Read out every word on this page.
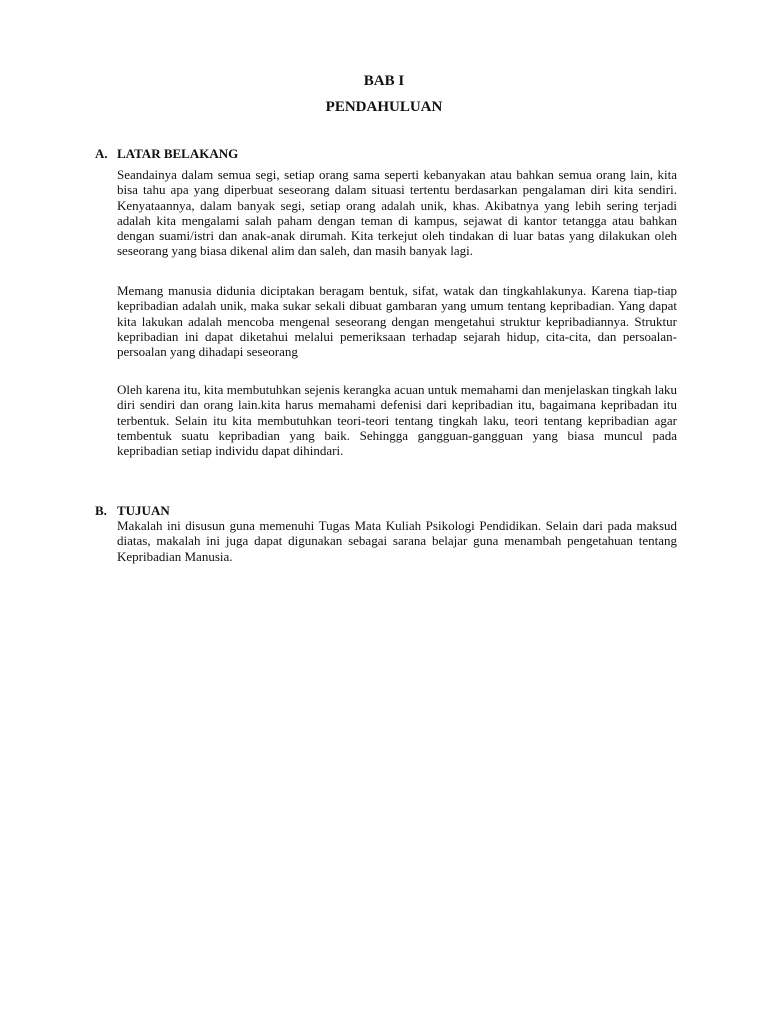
BAB I
PENDAHULUAN
A. LATAR BELAKANG

Seandainya dalam semua segi, setiap orang sama seperti kebanyakan atau bahkan semua orang lain, kita bisa tahu apa yang diperbuat seseorang dalam situasi tertentu berdasarkan pengalaman diri kita sendiri. Kenyataannya, dalam banyak segi, setiap orang adalah unik, khas. Akibatnya yang lebih sering terjadi adalah kita mengalami salah paham dengan teman di kampus, sejawat di kantor tetangga atau bahkan dengan suami/istri dan anak-anak dirumah. Kita terkejut oleh tindakan di luar batas yang dilakukan oleh seseorang yang biasa dikenal alim dan saleh, dan masih banyak lagi.

Memang manusia didunia diciptakan beragam bentuk, sifat, watak dan tingkahlakunya. Karena tiap-tiap kepribadian adalah unik, maka sukar sekali dibuat gambaran yang umum tentang kepribadian. Yang dapat kita lakukan adalah mencoba mengenal seseorang dengan mengetahui struktur kepribadiannya. Struktur kepribadian ini dapat diketahui melalui pemeriksaan terhadap sejarah hidup, cita-cita, dan persoalan-persoalan yang dihadapi seseorang

Oleh karena itu, kita membutuhkan sejenis kerangka acuan untuk memahami dan menjelaskan tingkah laku diri sendiri dan orang lain.kita harus memahami defenisi dari kepribadian itu, bagaimana kepribadan itu terbentuk. Selain itu kita membutuhkan teori-teori tentang tingkah laku, teori tentang kepribadian agar tembentuk suatu kepribadian yang baik. Sehingga gangguan-gangguan yang biasa muncul pada kepribadian setiap individu dapat dihindari.

B. TUJUAN

Makalah ini disusun guna memenuhi Tugas Mata Kuliah Psikologi Pendidikan. Selain dari pada maksud diatas, makalah ini juga dapat digunakan sebagai sarana belajar guna menambah pengetahuan tentang Kepribadian Manusia.
